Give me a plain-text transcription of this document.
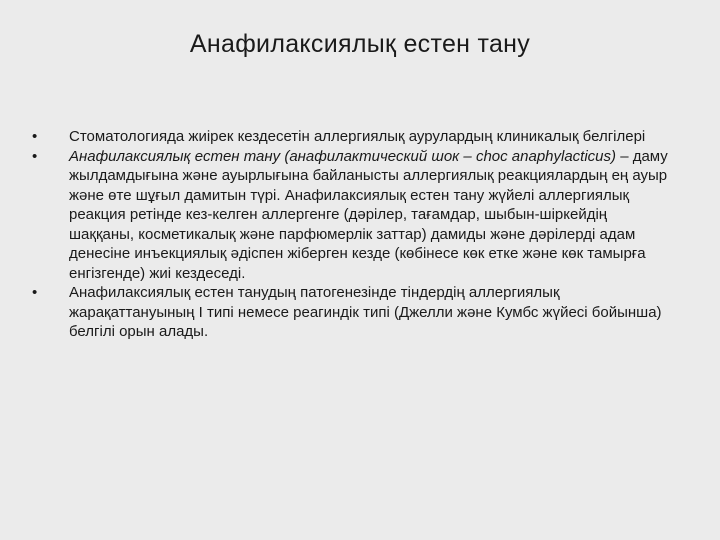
Анафилаксиялық естен тану
•	Стоматологияда жиірек кездесетін аллергиялық аурулардың клиникалық белгілері
•	Анафилаксиялық естен тану (анафилактический шок – choc anaphylacticus) – даму жылдамдығына және ауырлығына байланысты аллергиялық реакциялардың ең ауыр және өте шұғыл дамитын түрі. Анафилаксиялық естен тану жүйелі аллергиялық реакция ретінде кез-келген аллергенге (дәрілер, тағамдар, шыбын-шіркейдің шаққаны, косметикалық және парфюмерлік заттар) дамиды және дәрілерді адам денесіне инъекциялық әдіспен жіберген кезде (көбінесе көк етке және көк тамырға енгізгенде) жиі кездеседі.
•	Анафилаксиялық естен танудың патогенезінде тіндердің аллергиялық жарақаттануының І типі немесе реагиндік типі (Джелли және Кумбс жүйесі бойынша) белгілі орын алады.
